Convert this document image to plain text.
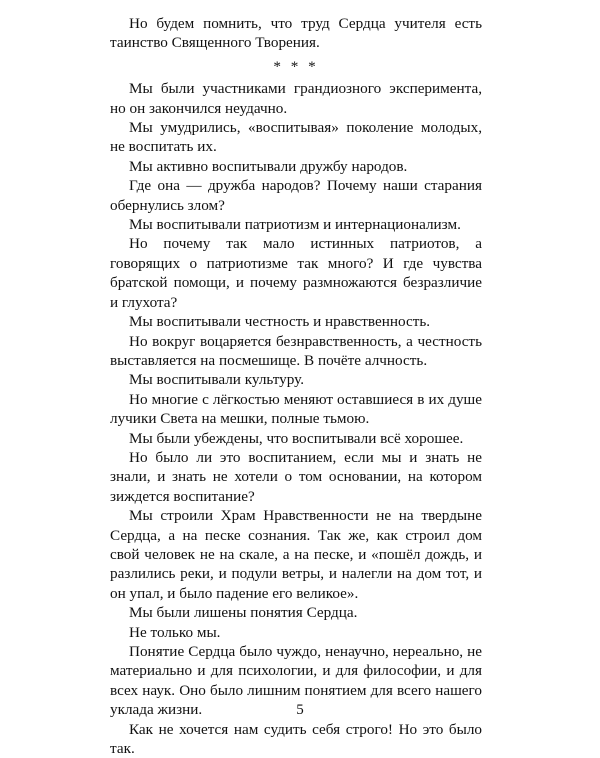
Но будем помнить, что труд Сердца учителя есть таинство Священного Творения.

* * *

Мы были участниками грандиозного эксперимента, но он закончился неудачно.

Мы умудрились, «воспитывая» поколение молодых, не воспитать их.

Мы активно воспитывали дружбу народов.

Где она — дружба народов? Почему наши старания обернулись злом?

Мы воспитывали патриотизм и интернационализм.

Но почему так мало истинных патриотов, а говорящих о патриотизме так много? И где чувства братской помощи, и почему размножаются безразличие и глухота?

Мы воспитывали честность и нравственность.

Но вокруг воцаряется безнравственность, а честность выставляется на посмешище. В почёте алчность.

Мы воспитывали культуру.

Но многие с лёгкостью меняют оставшиеся в их душе лучики Света на мешки, полные тьмою.

Мы были убеждены, что воспитывали всё хорошее.

Но было ли это воспитанием, если мы и знать не знали, и знать не хотели о том основании, на котором зиждется воспитание?

Мы строили Храм Нравственности не на твердыне Сердца, а на песке сознания. Так же, как строил дом свой человек не на скале, а на песке, и «пошёл дождь, и разлились реки, и подули ветры, и налегли на дом тот, и он упал, и было падение его великое».

Мы были лишены понятия Сердца.

Не только мы.

Понятие Сердца было чуждо, ненаучно, нереально, не материально и для психологии, и для философии, и для всех наук. Оно было лишним понятием для всего нашего уклада жизни.

Как не хочется нам судить себя строго! Но это было так.

5
